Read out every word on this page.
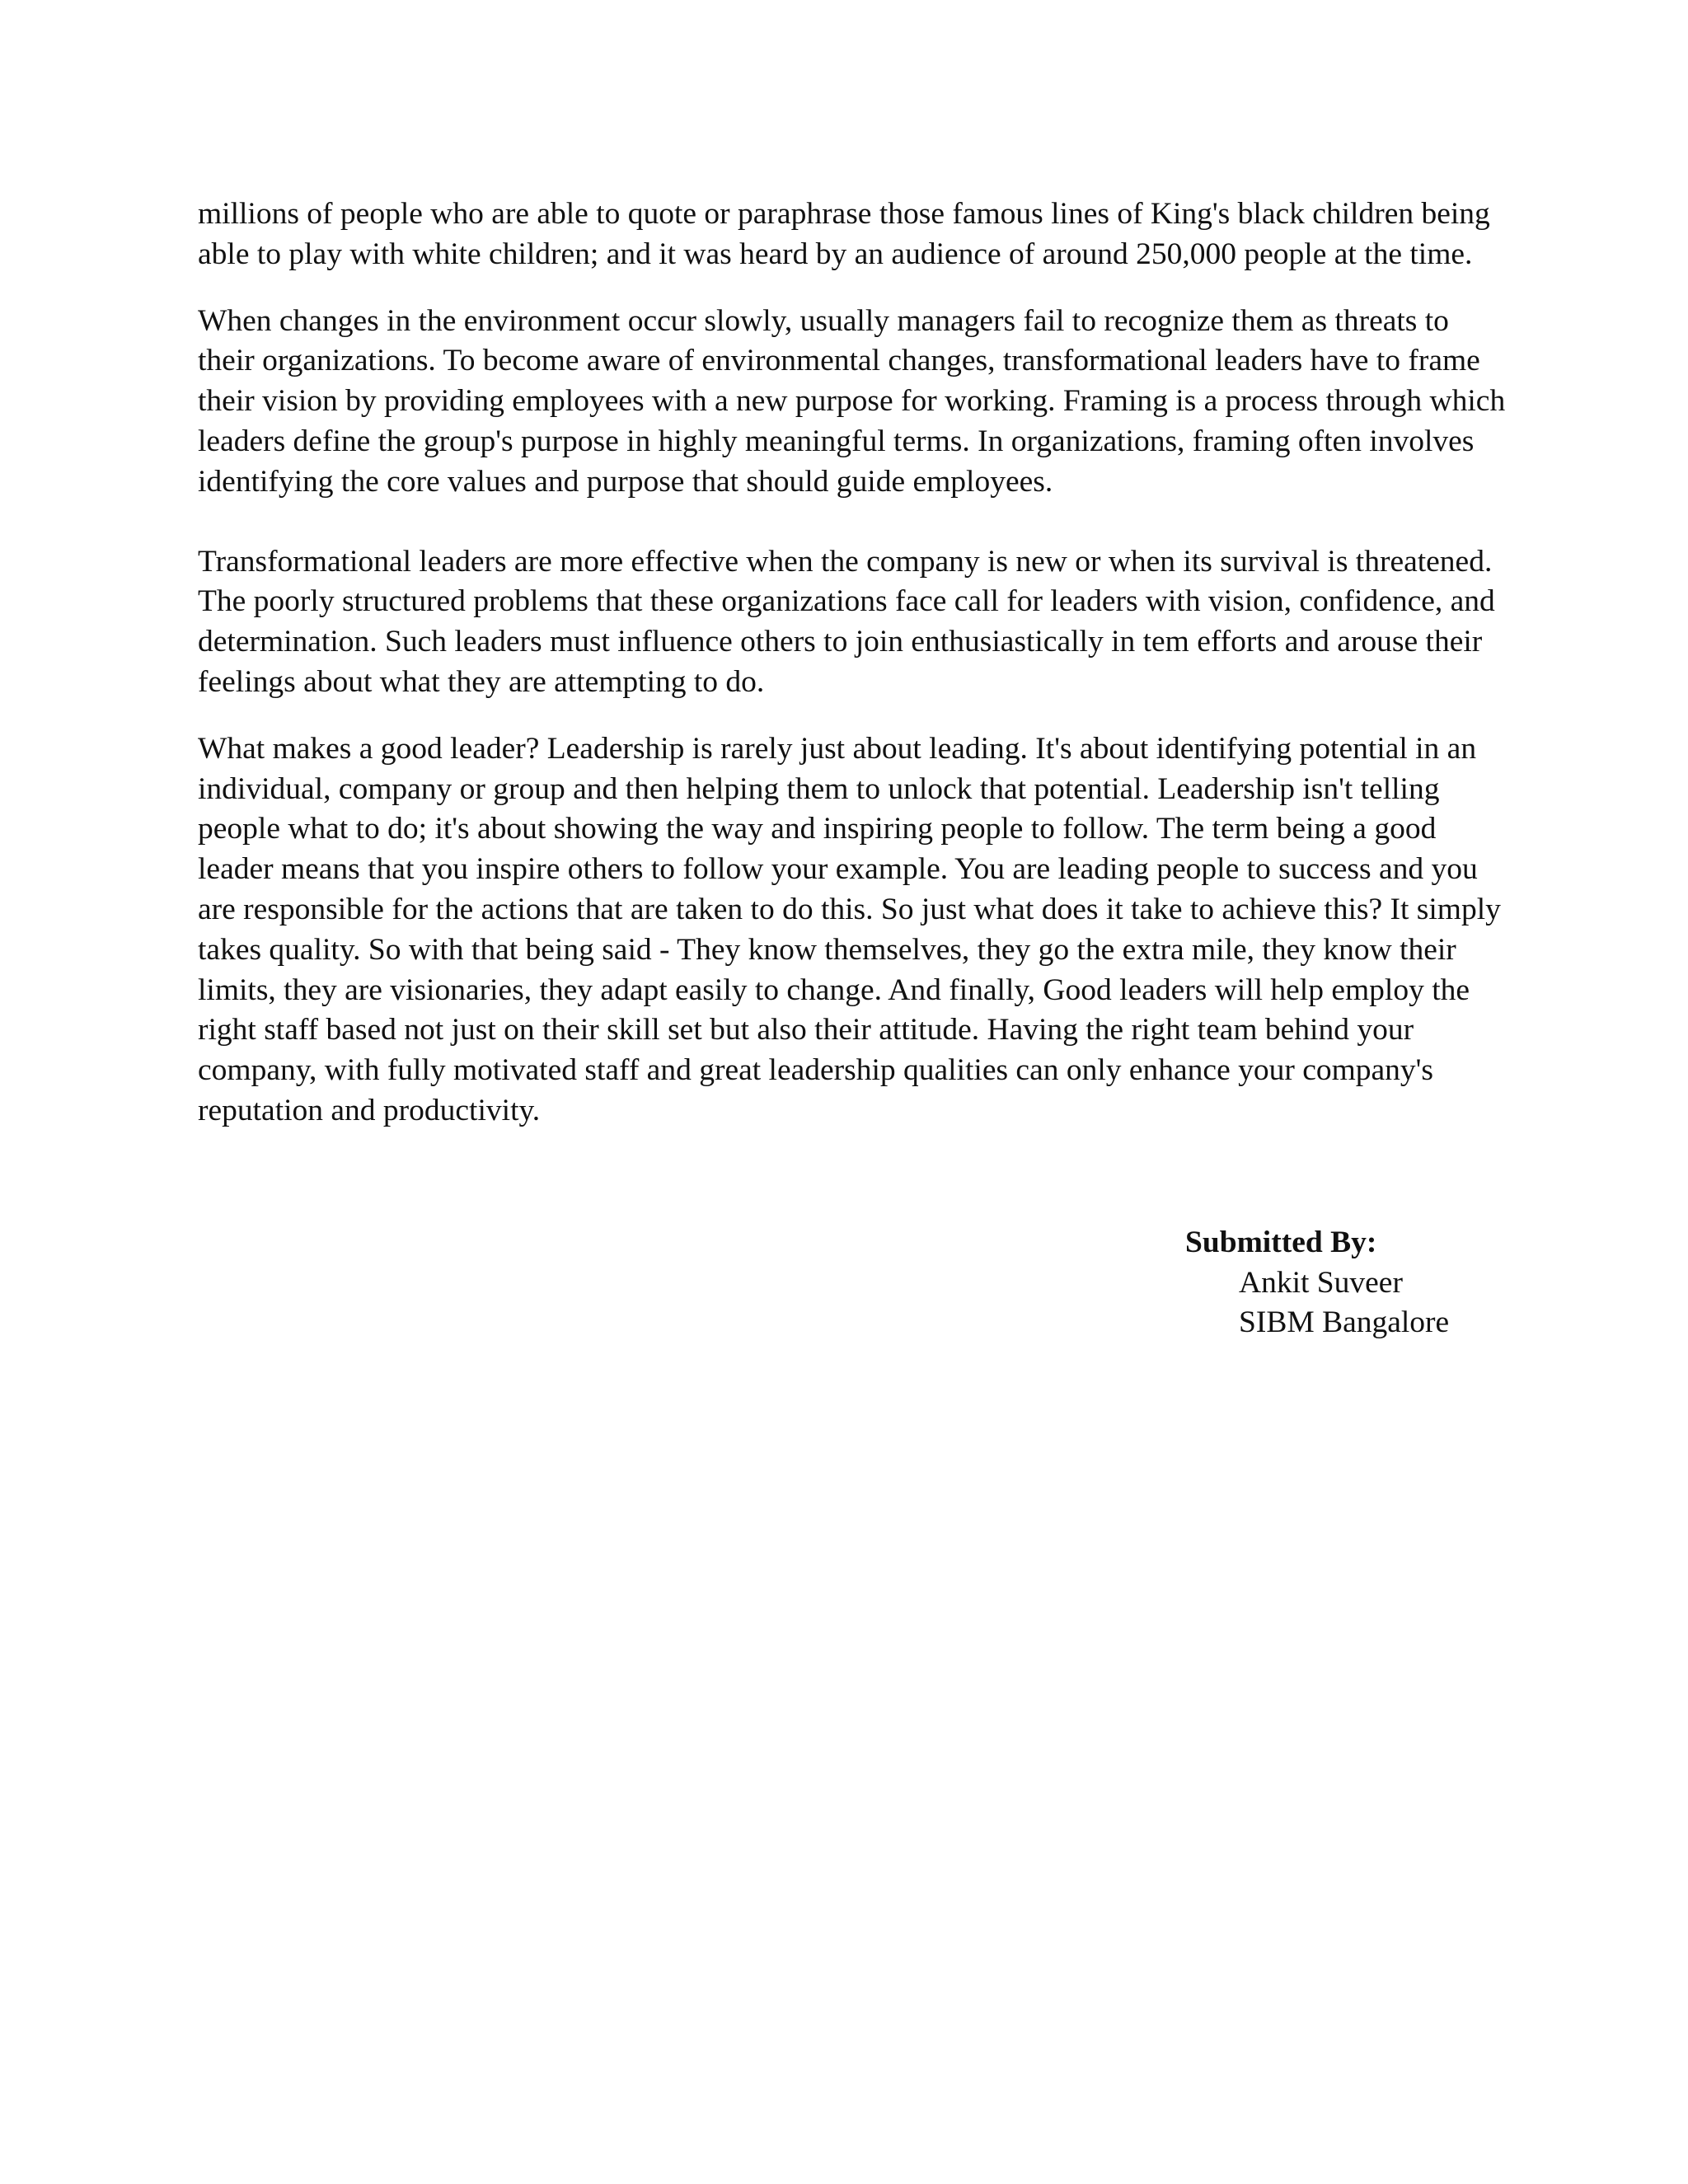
millions of people who are able to quote or paraphrase those famous lines of King's black children being
able to play with white children; and it was heard by an audience of around 250,000 people at the time.

When changes in the environment occur slowly, usually managers fail to recognize them as threats to
their organizations. To become aware of environmental changes, transformational leaders have to frame
their vision by providing employees with a new purpose for working. Framing is a process through which
leaders define the group's purpose in highly meaningful terms. In organizations, framing often involves
identifying the core values and purpose that should guide employees.

Transformational leaders are more effective when the company is new or when its survival is threatened.
The poorly structured problems that these organizations face call for leaders with vision, confidence, and
determination. Such leaders must influence others to join enthusiastically in tem efforts and arouse their
feelings about what they are attempting to do.

What makes a good leader? Leadership is rarely just about leading. It's about identifying potential in an
individual, company or group and then helping them to unlock that potential. Leadership isn't telling
people what to do; it's about showing the way and inspiring people to follow. The term being a good
leader means that you inspire others to follow your example. You are leading people to success and you
are responsible for the actions that are taken to do this. So just what does it take to achieve this? It simply
takes quality. So with that being said - They know themselves, they go the extra mile, they know their
limits, they are visionaries, they adapt easily to change. And finally, Good leaders will help employ the
right staff based not just on their skill set but also their attitude. Having the right team behind your
company, with fully motivated staff and great leadership qualities can only enhance your company's
reputation and productivity.

Submitted By:
Ankit Suveer
SIBM Bangalore
